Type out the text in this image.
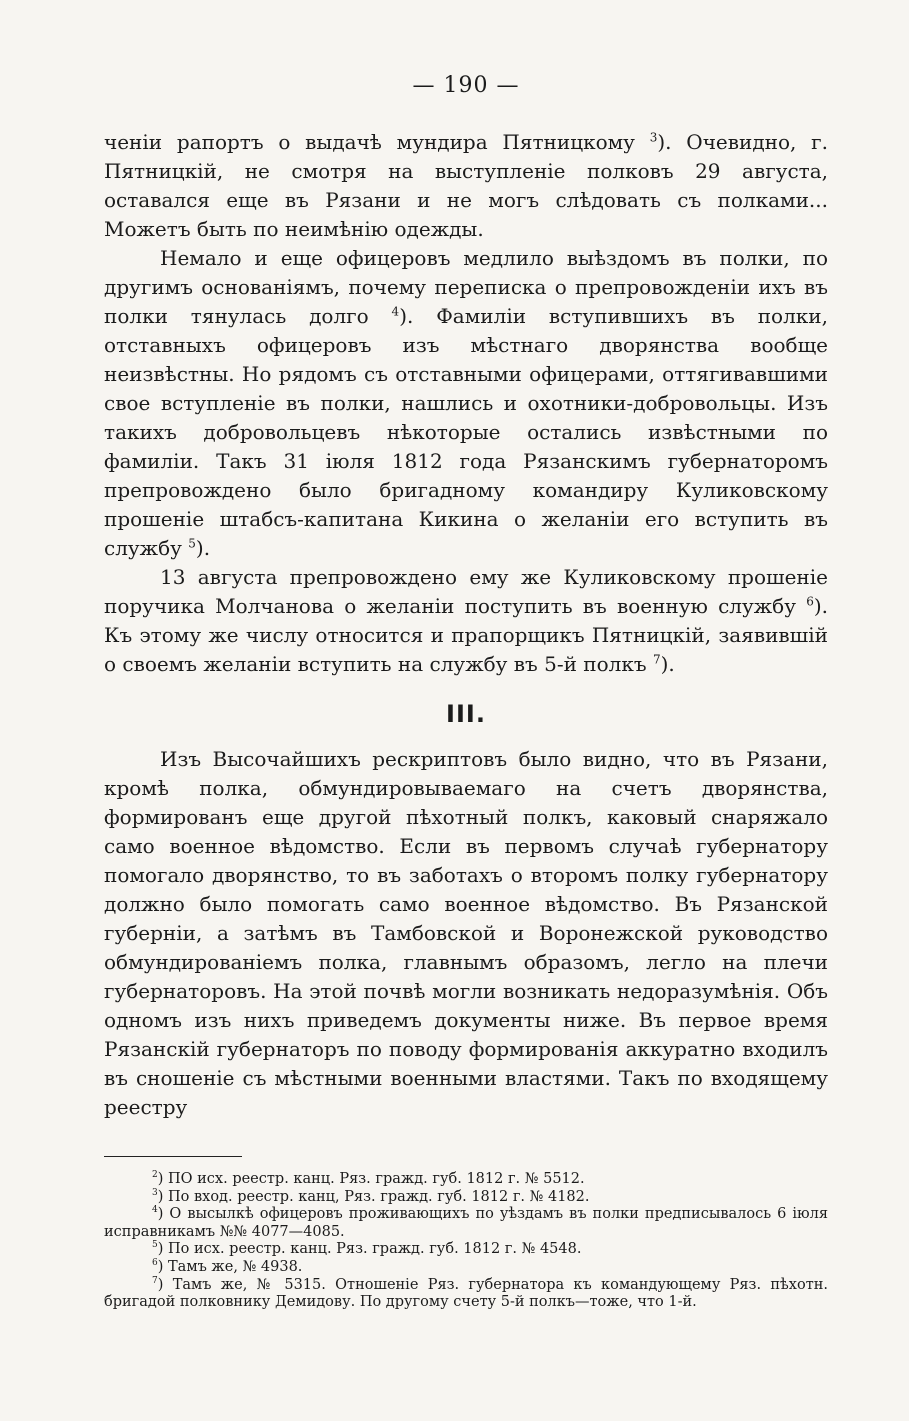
— 190 —

ченіи рапортъ о выдачѣ мундира Пятницкому $^3$). Очевидно, г. Пятницкій, не смотря на выступленіе полковъ 29 августа, оставался еще въ Рязани и не могъ слѣдовать съ полками... Можетъ быть по неимѣнію одежды.

Немало и еще офицеровъ медлило выѣздомъ въ полки, по другимъ основаніямъ, почему переписка о препровожденіи ихъ въ полки тянулась долго $^4$). Фамиліи вступившихъ въ полки, отставныхъ офицеровъ изъ мѣстнаго дворянства вообще неизвѣстны. Но рядомъ съ отставными офицерами, оттягивавшими свое вступленіе въ полки, нашлись и охотники-добровольцы. Изъ такихъ добровольцевъ нѣкоторые остались извѣстными по фамиліи. Такъ 31 іюля 1812 года Рязанскимъ губернаторомъ препровождено было бригадному командиру Куликовскому прошеніе штабсъ-капитана Кикина о желаніи его вступить въ службу $^5$).

13 августа препровождено ему же Куликовскому прошеніе поручика Молчанова о желаніи поступить въ военную службу $^6$). Къ этому же числу относится и прапорщикъ Пятницкій, заявившій о своемъ желаніи вступить на службу въ 5-й полкъ $^7$).

III.

Изъ Высочайшихъ рескриптовъ было видно, что въ Рязани, кромѣ полка, обмундировываемаго на счетъ дворянства, формированъ еще другой пѣхотный полкъ, каковый снаряжало само военное вѣдомство. Если въ первомъ случаѣ губернатору помогало дворянство, то въ заботахъ о второмъ полку губернатору должно было помогать само военное вѣдомство. Въ Рязанской губерніи, а затѣмъ въ Тамбовской и Воронежской руководство обмундированіемъ полка, главнымъ образомъ, легло на плечи губернаторовъ. На этой почвѣ могли возникать недоразумѣнія. Объ одномъ изъ нихъ приведемъ документы ниже. Въ первое время Рязанскій губернаторъ по поводу формированія аккуратно входилъ въ сношеніе съ мѣстными военными властями. Такъ по входящему реестру

$^2$) ПО исх. реестр. канц. Ряз. гражд. губ. 1812 г. № 5512.

$^3$) По вход. реестр. канц, Ряз. гражд. губ. 1812 г. № 4182.

$^4$) О высылкѣ офицеровъ проживающихъ по уѣздамъ въ полки предписывалось 6 іюля исправникамъ №№ 4077—4085.

$^5$) По исх. реестр. канц. Ряз. гражд. губ. 1812 г. № 4548.

$^6$) Тамъ же, № 4938.

$^7$) Тамъ же, № 5315. Отношеніе Ряз. губернатора къ командующему Ряз. пѣхотн. бригадой полковнику Демидову. По другому счету 5-й полкъ—тоже, что 1-й.
